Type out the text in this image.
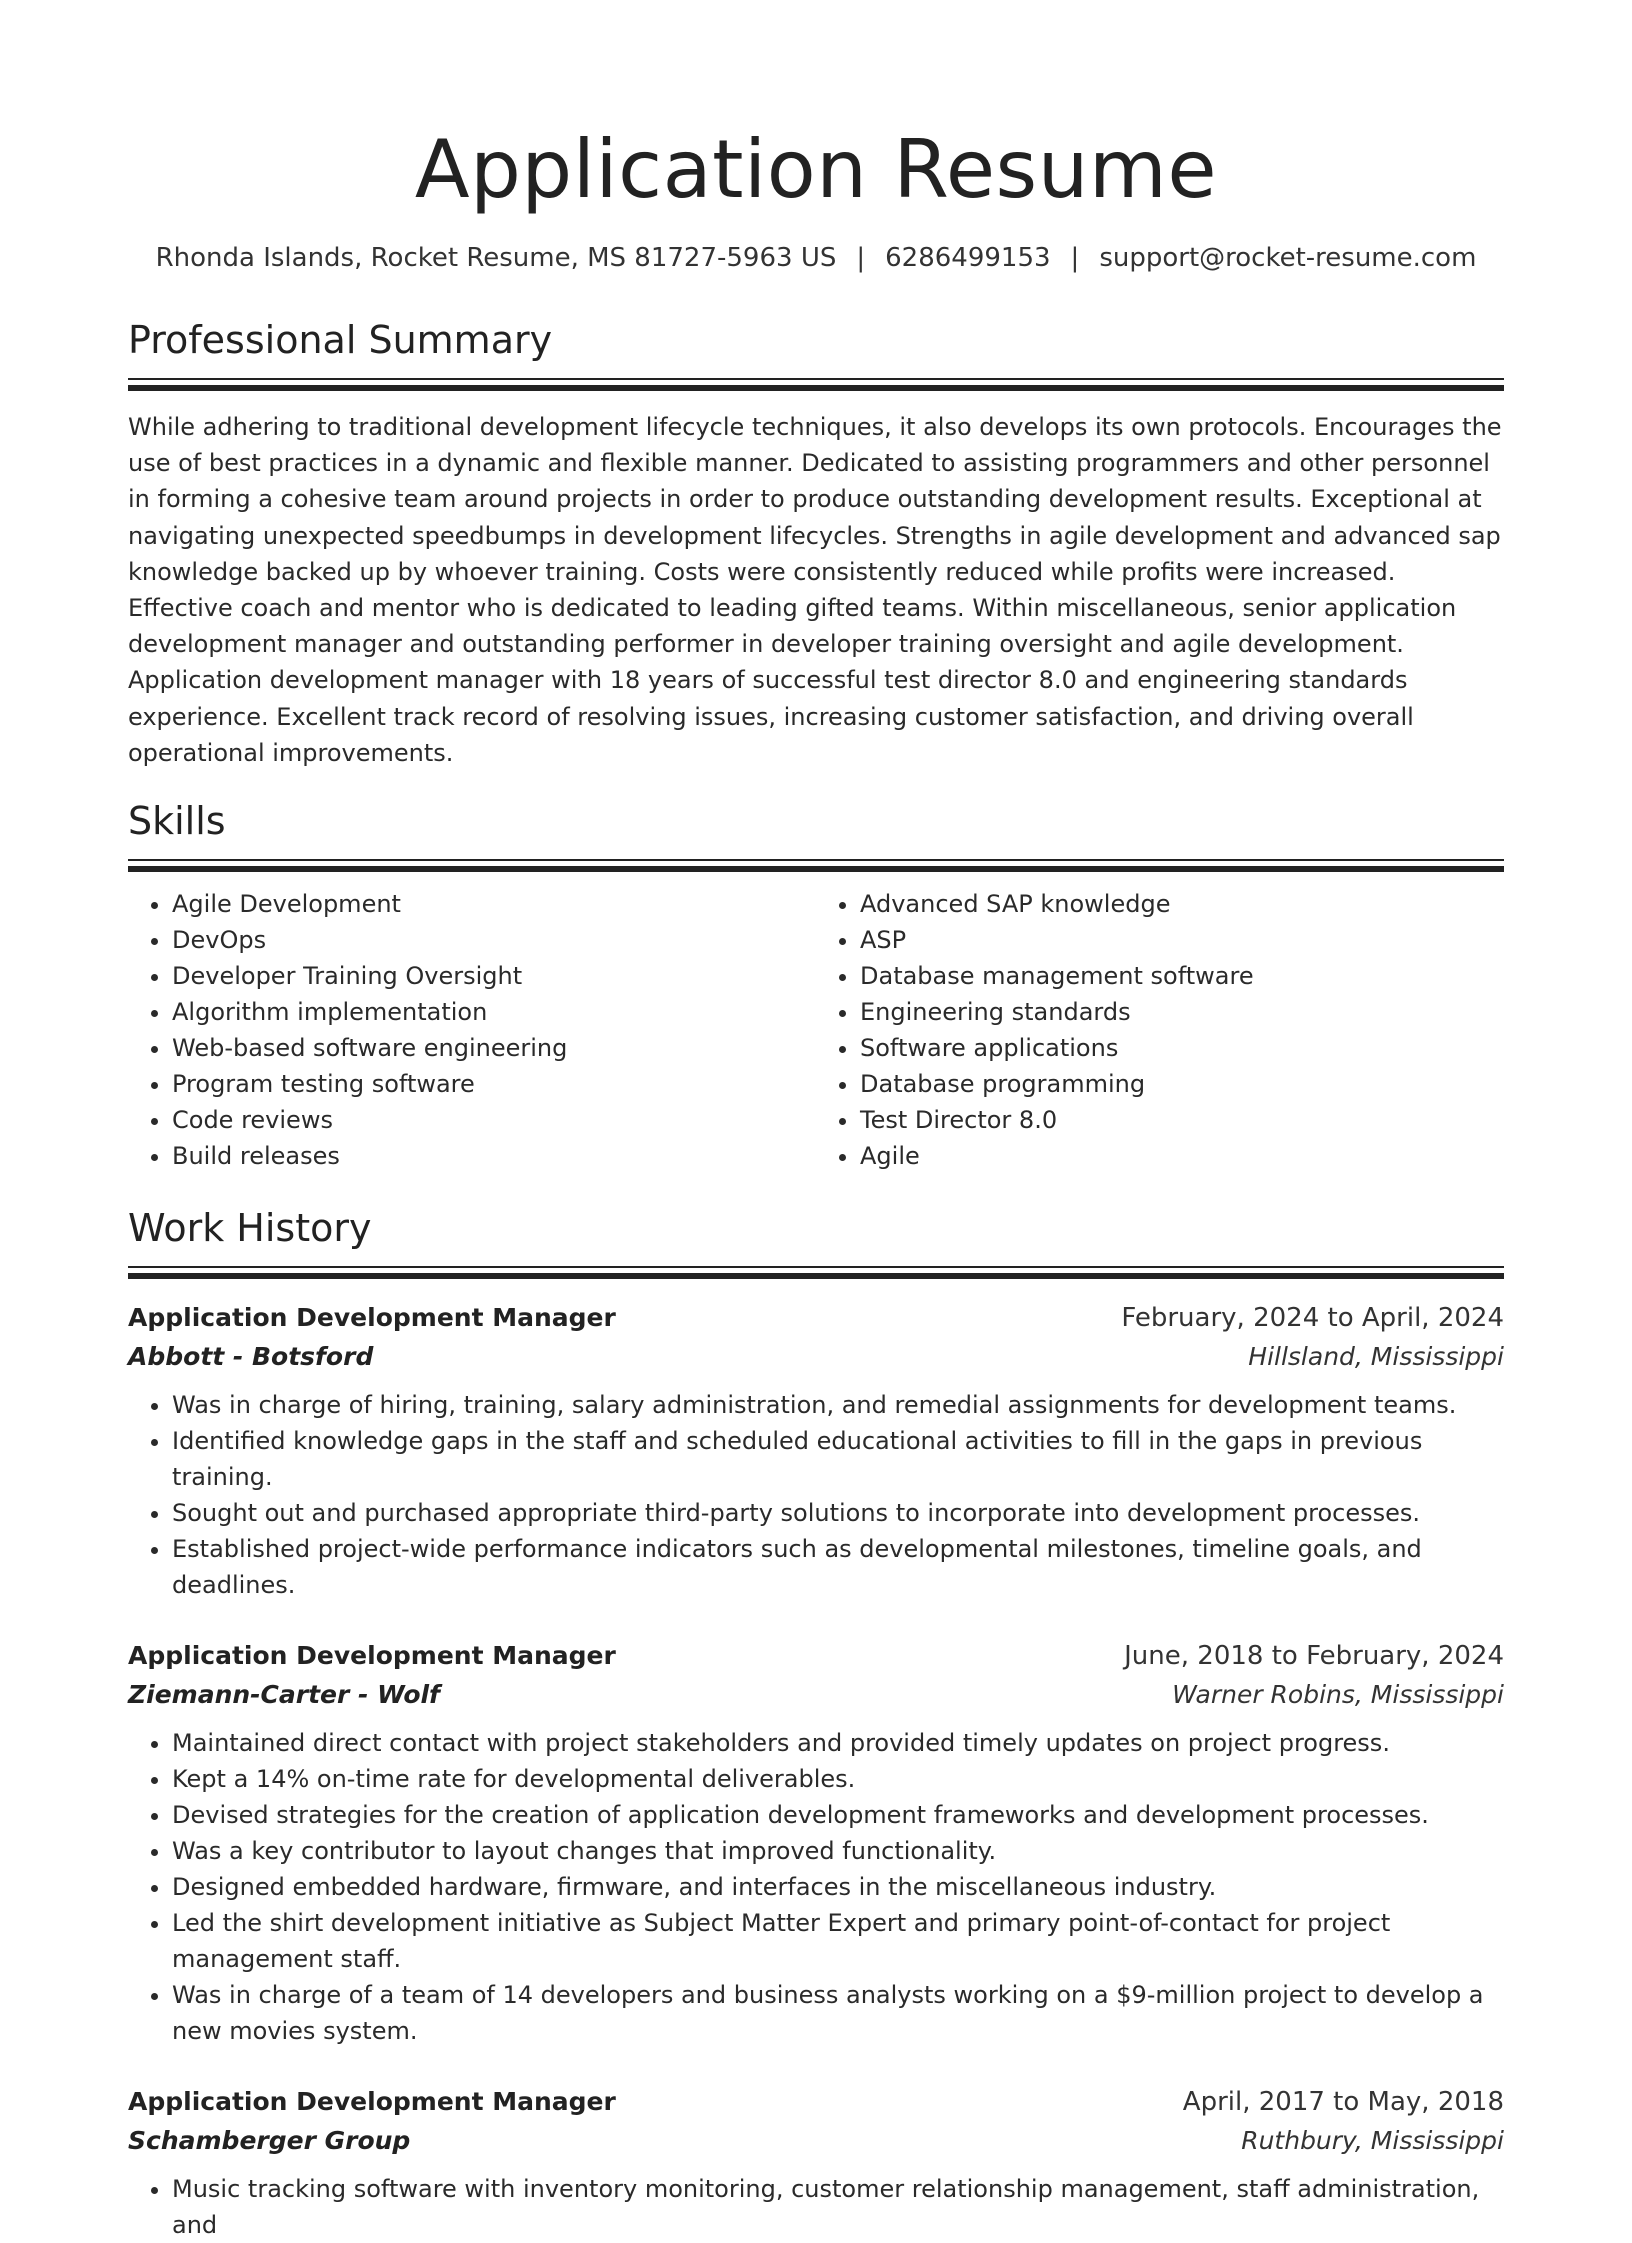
Application Resume
Rhonda Islands, Rocket Resume, MS 81727-5963 US | 6286499153 | support@rocket-resume.com
Professional Summary

While adhering to traditional development lifecycle techniques, it also develops its own protocols. Encourages the use of best practices in a dynamic and flexible manner. Dedicated to assisting programmers and other personnel in forming a cohesive team around projects in order to produce outstanding development results. Exceptional at navigating unexpected speedbumps in development lifecycles. Strengths in agile development and advanced sap knowledge backed up by whoever training. Costs were consistently reduced while profits were increased. Effective coach and mentor who is dedicated to leading gifted teams. Within miscellaneous, senior application development manager and outstanding performer in developer training oversight and agile development. Application development manager with 18 years of successful test director 8.0 and engineering standards experience. Excellent track record of resolving issues, increasing customer satisfaction, and driving overall operational improvements.

Skills
• Agile Development
• DevOps
• Developer Training Oversight
• Algorithm implementation
• Web-based software engineering
• Program testing software
• Code reviews
• Build releases
• Advanced SAP knowledge
• ASP
• Database management software
• Engineering standards
• Software applications
• Database programming
• Test Director 8.0
• Agile
Work History
Application Development Manager	February, 2024 to April, 2024
Abbott - Botsford	Hillsland, Mississippi
• Was in charge of hiring, training, salary administration, and remedial assignments for development teams.
• Identified knowledge gaps in the staff and scheduled educational activities to fill in the gaps in previous training.
• Sought out and purchased appropriate third-party solutions to incorporate into development processes.
• Established project-wide performance indicators such as developmental milestones, timeline goals, and deadlines.
Application Development Manager	June, 2018 to February, 2024
Ziemann-Carter - Wolf	Warner Robins, Mississippi
• Maintained direct contact with project stakeholders and provided timely updates on project progress.
• Kept a 14% on-time rate for developmental deliverables.
• Devised strategies for the creation of application development frameworks and development processes.
• Was a key contributor to layout changes that improved functionality.
• Designed embedded hardware, firmware, and interfaces in the miscellaneous industry.
• Led the shirt development initiative as Subject Matter Expert and primary point-of-contact for project management staff.
• Was in charge of a team of 14 developers and business analysts working on a $9-million project to develop a new movies system.
Application Development Manager	April, 2017 to May, 2018
Schamberger Group	Ruthbury, Mississippi
• Music tracking software with inventory monitoring, customer relationship management, staff administration, and
